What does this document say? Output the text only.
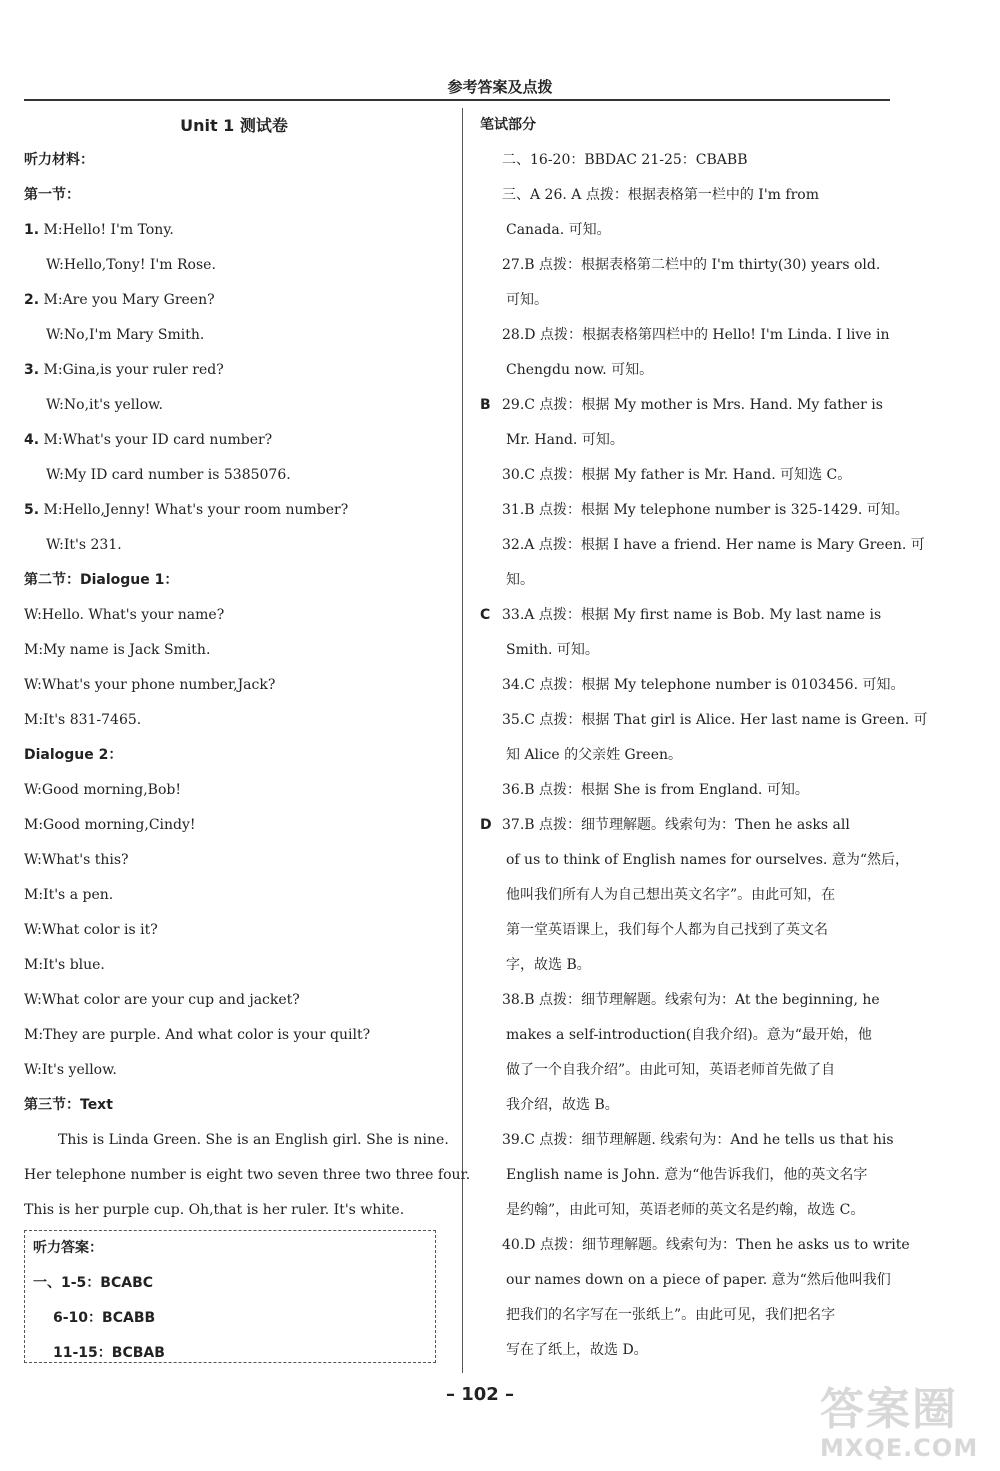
参考答案及点拨
Unit 1 测试卷
听力材料：
第一节：
1. M:Hello! I'm Tony.
W:Hello,Tony! I'm Rose.
2. M:Are you Mary Green?
W:No,I'm Mary Smith.
3. M:Gina,is your ruler red?
W:No,it's yellow.
4. M:What's your ID card number?
W:My ID card number is 5385076.
5. M:Hello,Jenny! What's your room number?
W:It's 231.
第二节：Dialogue 1：
W:Hello. What's your name?
M:My name is Jack Smith.
W:What's your phone number,Jack?
M:It's 831-7465.
Dialogue 2：
W:Good morning,Bob!
M:Good morning,Cindy!
W:What's this?
M:It's a pen.
W:What color is it?
M:It's blue.
W:What color are your cup and jacket?
M:They are purple. And what color is your quilt?
W:It's yellow.
第三节：Text
This is Linda Green. She is an English girl. She is nine.
Her telephone number is eight two seven three two three four.
This is her purple cup. Oh,that is her ruler. It's white.
听力答案：
一、1-5：BCABC
6-10：BCABB
11-15：BCBAB
笔试部分
二、16-20：BBDAC 21-25：CBABB
三、A 26. A 点拨：根据表格第一栏中的 I'm from
Canada. 可知。
27.B 点拨：根据表格第二栏中的 I'm thirty(30) years old.
可知。
28.D 点拨：根据表格第四栏中的 Hello! I'm Linda. I live in
Chengdu now. 可知。
B 29.C 点拨：根据 My mother is Mrs. Hand. My father is
Mr. Hand. 可知。
30.C 点拨：根据 My father is Mr. Hand. 可知选 C。
31.B 点拨：根据 My telephone number is 325-1429. 可知。
32.A 点拨：根据 I have a friend. Her name is Mary Green. 可
知。
C 33.A 点拨：根据 My first name is Bob. My last name is
Smith. 可知。
34.C 点拨：根据 My telephone number is 0103456. 可知。
35.C 点拨：根据 That girl is Alice. Her last name is Green. 可
知 Alice 的父亲姓 Green。
36.B 点拨：根据 She is from England. 可知。
D 37.B 点拨：细节理解题。线索句为：Then he asks all
of us to think of English names for ourselves. 意为“然后，
他叫我们所有人为自己想出英文名字”。由此可知，在
第一堂英语课上，我们每个人都为自己找到了英文名
字，故选 B。
38.B 点拨：细节理解题。线索句为：At the beginning, he
makes a self-introduction(自我介绍)。意为“最开始，他
做了一个自我介绍”。由此可知，英语老师首先做了自
我介绍，故选 B。
39.C 点拨：细节理解题. 线索句为：And he tells us that his
English name is John. 意为“他告诉我们，他的英文名字
是约翰”，由此可知，英语老师的英文名是约翰，故选 C。
40.D 点拨：细节理解题。线索句为：Then he asks us to write
our names down on a piece of paper. 意为“然后他叫我们
把我们的名字写在一张纸上”。由此可见，我们把名字
写在了纸上，故选 D。
– 102 –	答案圈
MXQE.COM
